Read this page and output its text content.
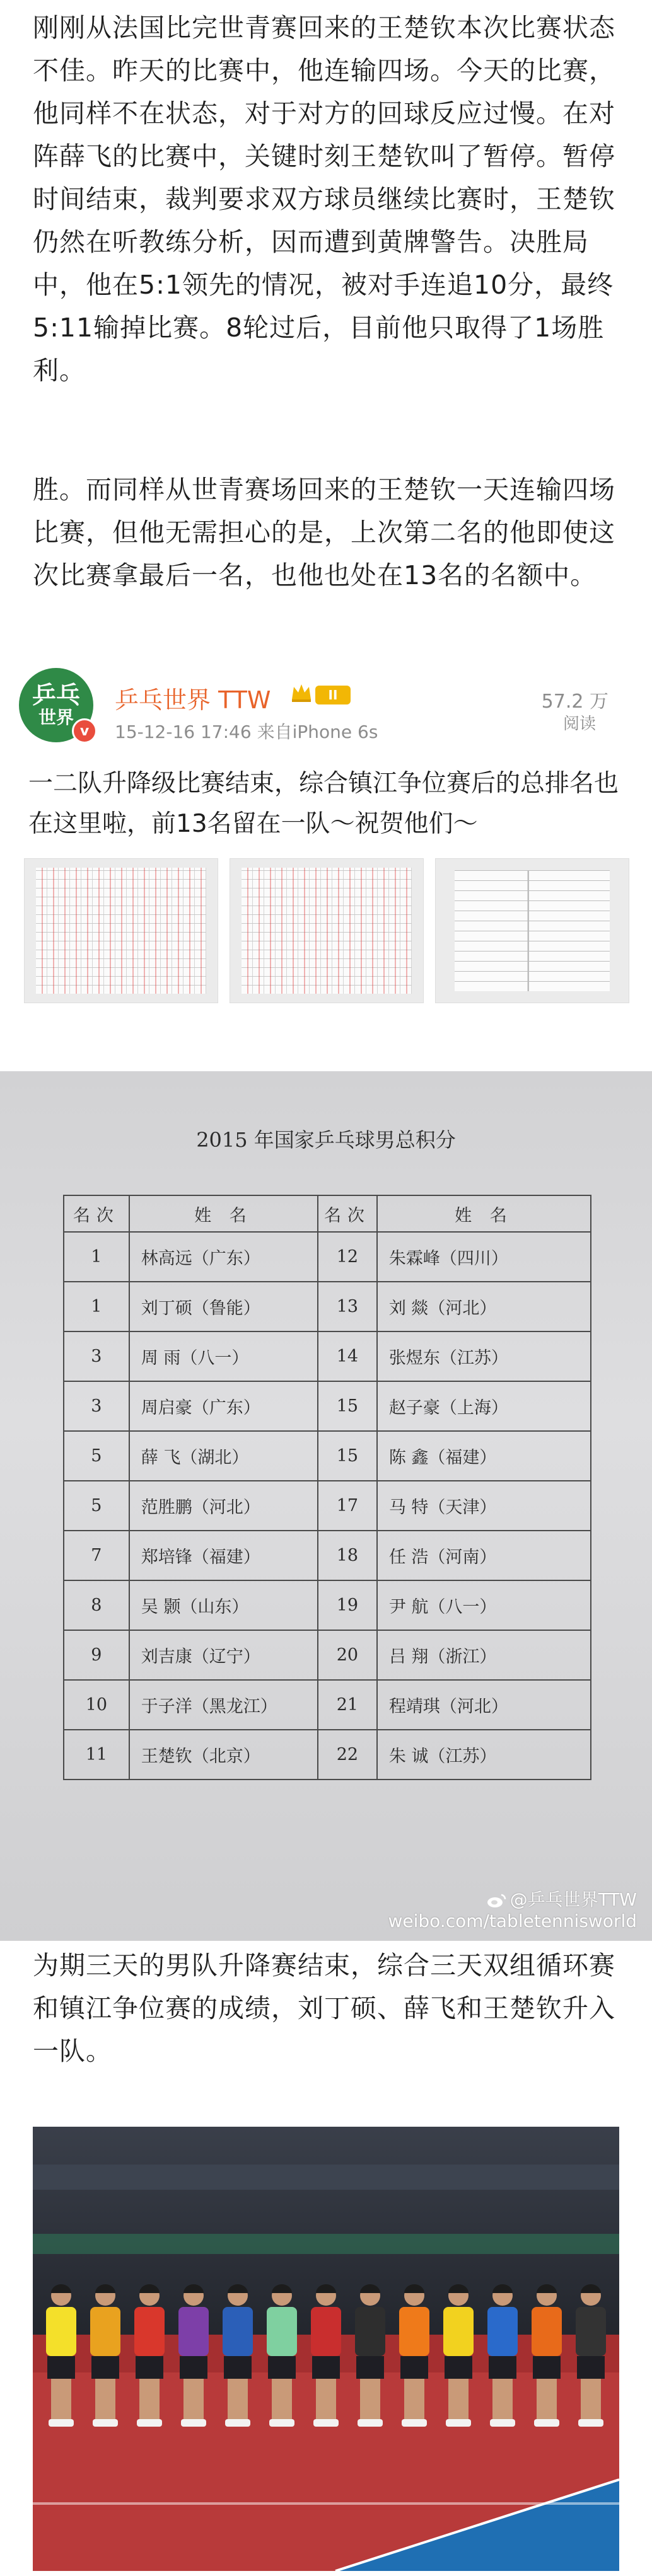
刚刚从法国比完世青赛回来的王楚钦本次比赛状态不佳。昨天的比赛中，他连输四场。今天的比赛，他同样不在状态，对于对方的回球反应过慢。在对阵薛飞的比赛中，关键时刻王楚钦叫了暂停。暂停时间结束，裁判要求双方球员继续比赛时，王楚钦仍然在听教练分析，因而遭到黄牌警告。决胜局中，他在5:1领先的情况，被对手连追10分，最终5:11输掉比赛。8轮过后，目前他只取得了1场胜利。
胜。而同样从世青赛场回来的王楚钦一天连输四场比赛，但他无需担心的是，上次第二名的他即使这次比赛拿最后一名，也他也处在13名的名额中。
乒乓
世界
v
乒乓世界 TTW	II
15-12-16 17:46 来自iPhone 6s
57.2 万
阅读
一二队升降级比赛结束，综合镇江争位赛后的总排名也在这里啦，前13名留在一队～祝贺他们～
2015 年国家乒乓球男总积分
名次	姓 名	名次	姓 名
1	林高远（广东）	12	朱霖峰（四川）
1	刘丁硕（鲁能）	13	刘 燚（河北）
3	周 雨（八一）	14	张煜东（江苏）
3	周启豪（广东）	15	赵子豪（上海）
5	薛 飞（湖北）	15	陈 鑫（福建）
5	范胜鹏（河北）	17	马 特（天津）
7	郑培锋（福建）	18	任 浩（河南）
8	吴 颢（山东）	19	尹 航（八一）
9	刘吉康（辽宁）	20	吕 翔（浙江）
10	于子洋（黑龙江）	21	程靖琪（河北）
11	王楚钦（北京）	22	朱 诚（江苏）
@乒乓世界TTW
weibo.com/tabletennisworld
为期三天的男队升降赛结束，综合三天双组循环赛和镇江争位赛的成绩，刘丁硕、薛飞和王楚钦升入一队。
